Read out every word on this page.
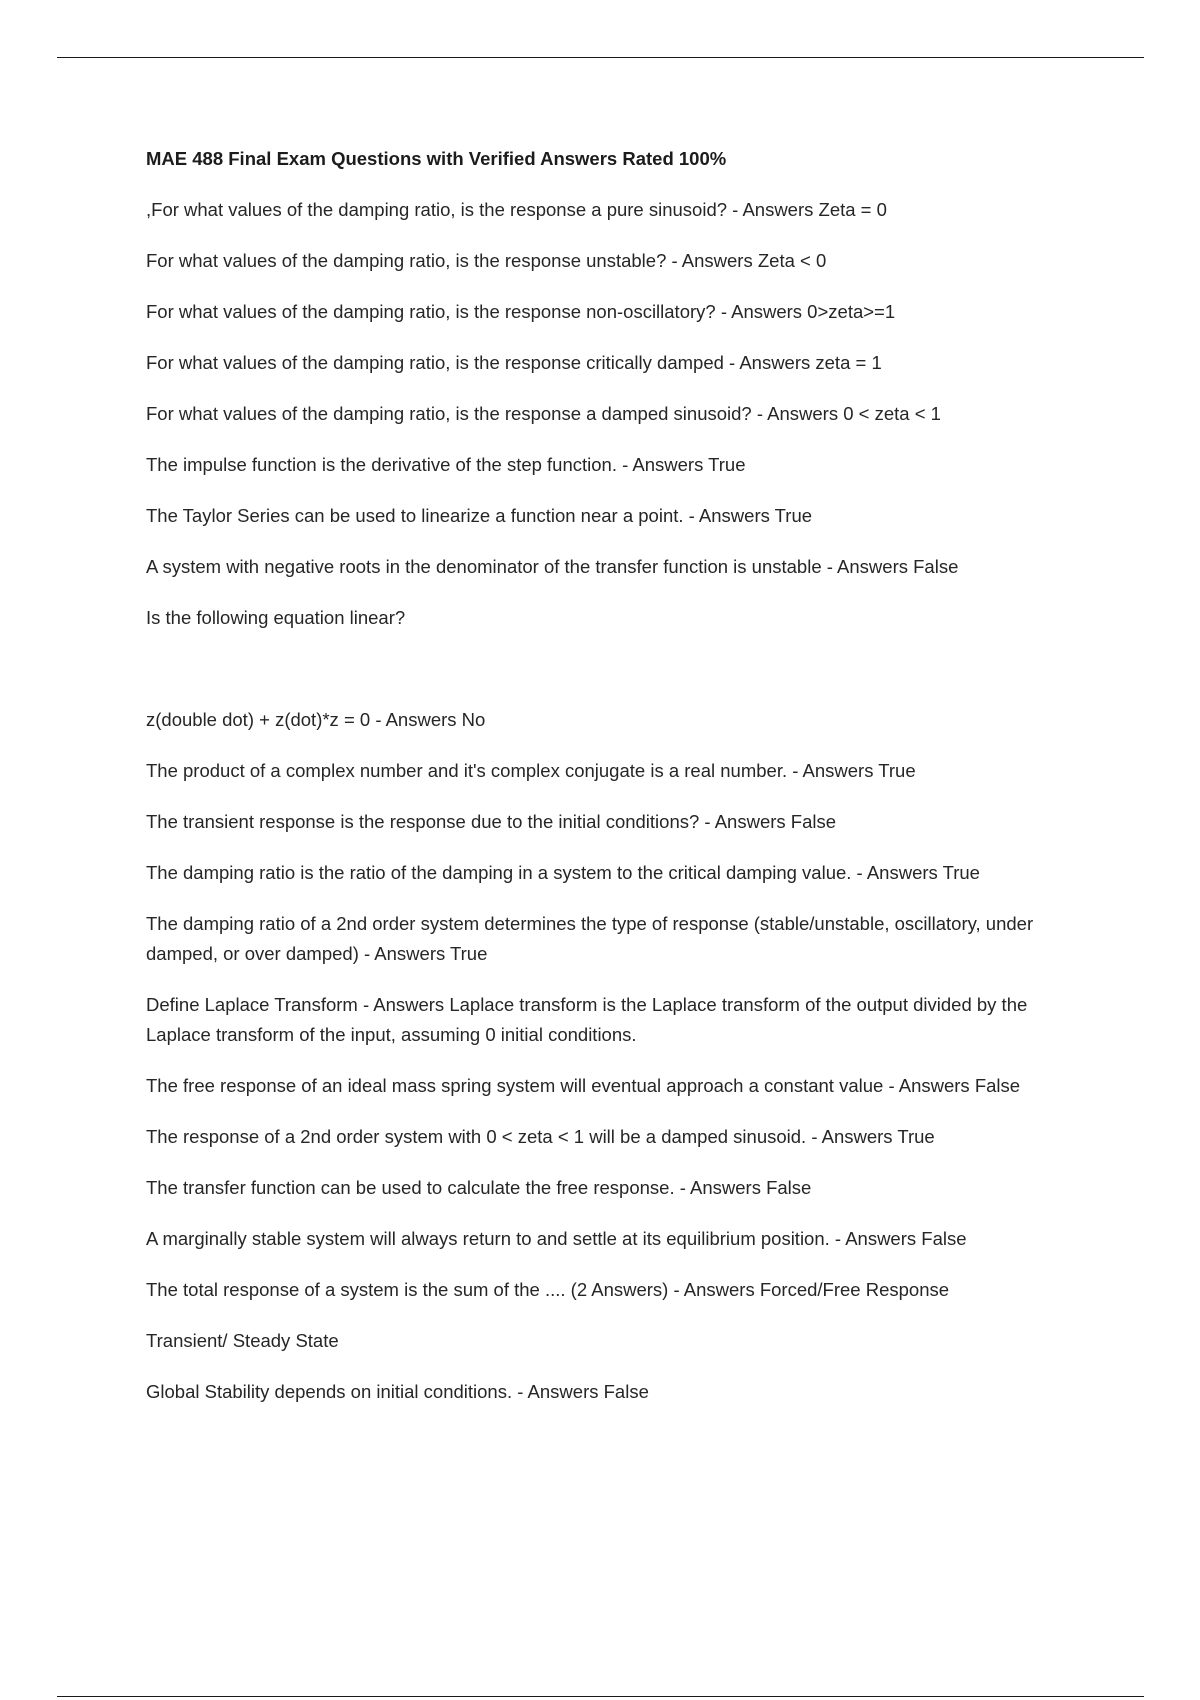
MAE 488 Final Exam Questions with Verified Answers Rated 100%

,For what values of the damping ratio, is the response a pure sinusoid? - Answers Zeta = 0

For what values of the damping ratio, is the response unstable? - Answers Zeta < 0

For what values of the damping ratio, is the response non-oscillatory? - Answers 0>zeta>=1

For what values of the damping ratio, is the response critically damped - Answers zeta = 1

For what values of the damping ratio, is the response a damped sinusoid? - Answers 0 < zeta < 1

The impulse function is the derivative of the step function. - Answers True

The Taylor Series can be used to linearize a function near a point. - Answers True

A system with negative roots in the denominator of the transfer function is unstable - Answers False

Is the following equation linear?

z(double dot) + z(dot)*z = 0 - Answers No

The product of a complex number and it's complex conjugate is a real number. - Answers True

The transient response is the response due to the initial conditions? - Answers False

The damping ratio is the ratio of the damping in a system to the critical damping value. - Answers True

The damping ratio of a 2nd order system determines the type of response (stable/unstable, oscillatory, under damped, or over damped) - Answers True

Define Laplace Transform - Answers Laplace transform is the Laplace transform of the output divided by the Laplace transform of the input, assuming 0 initial conditions.

The free response of an ideal mass spring system will eventual approach a constant value - Answers False

The response of a 2nd order system with 0 < zeta < 1 will be a damped sinusoid. - Answers True

The transfer function can be used to calculate the free response. - Answers False

A marginally stable system will always return to and settle at its equilibrium position. - Answers False

The total response of a system is the sum of the .... (2 Answers) - Answers Forced/Free Response

Transient/ Steady State

Global Stability depends on initial conditions. - Answers False
